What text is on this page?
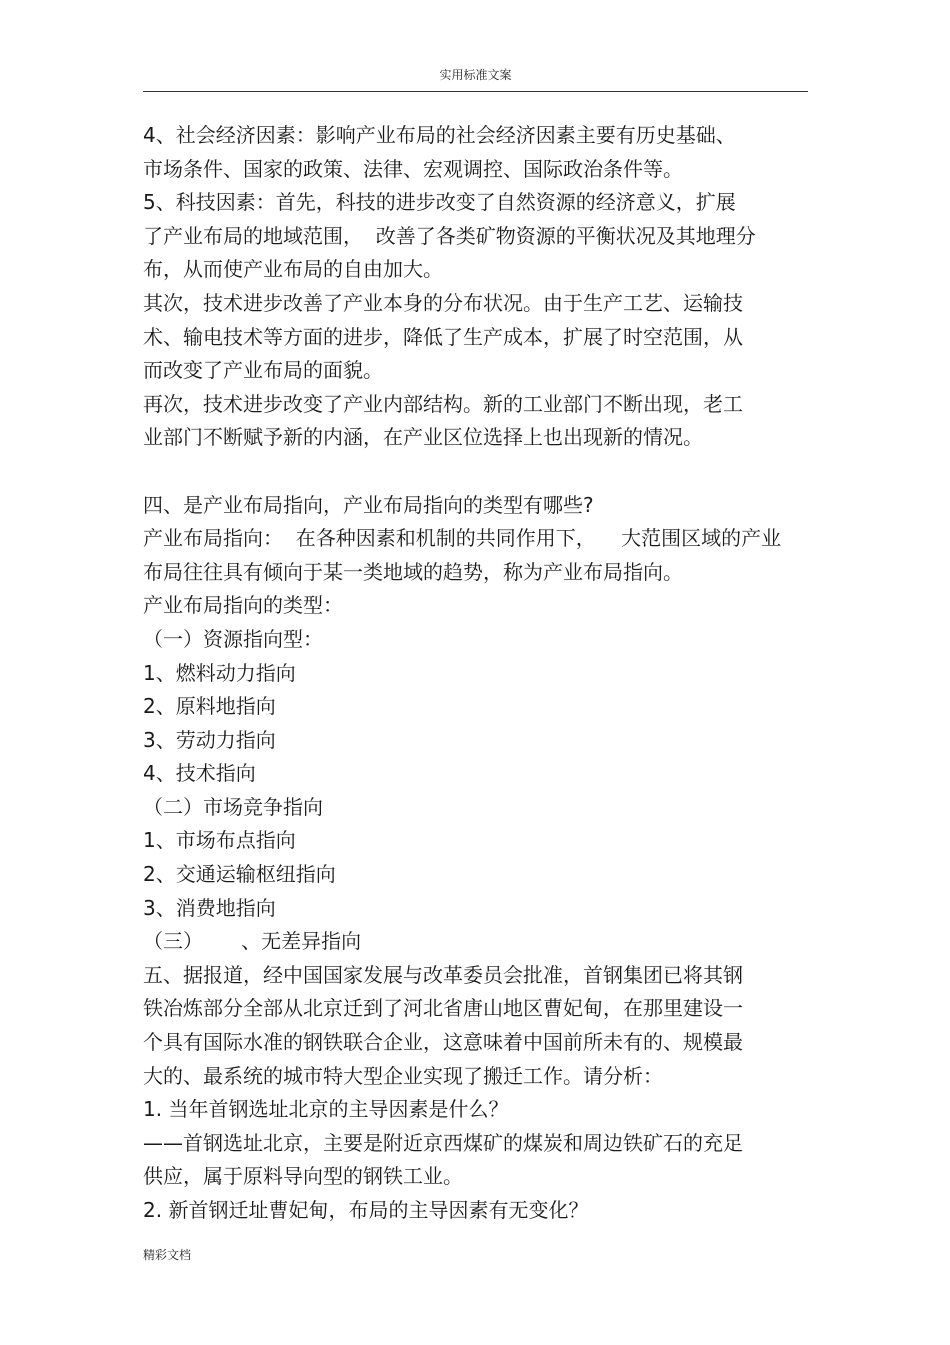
实用标准文案

4、社会经济因素：影响产业布局的社会经济因素主要有历史基础、

市场条件、国家的政策、法律、宏观调控、国际政治条件等。

5、科技因素：首先，科技的进步改变了自然资源的经济意义，扩展

了产业布局的地域范围，  改善了各类矿物资源的平衡状况及其地理分

布，从而使产业布局的自由加大。

其次，技术进步改善了产业本身的分布状况。由于生产工艺、运输技

术、输电技术等方面的进步，降低了生产成本，扩展了时空范围，从

而改变了产业布局的面貌。

再次，技术进步改变了产业内部结构。新的工业部门不断出现，老工

业部门不断赋予新的内涵，在产业区位选择上也出现新的情况。

四、是产业布局指向，产业布局指向的类型有哪些?

产业布局指向：  在各种因素和机制的共同作用下，    大范围区域的产业

布局往往具有倾向于某一类地域的趋势，称为产业布局指向。

产业布局指向的类型：

（一）资源指向型：

1、燃料动力指向

2、原料地指向

3、劳动力指向

4、技术指向

（二）市场竞争指向

1、市场布点指向

2、交通运输枢纽指向

3、消费地指向

（三）      、无差异指向

五、据报道，经中国国家发展与改革委员会批准，首钢集团已将其钢

铁冶炼部分全部从北京迁到了河北省唐山地区曹妃甸，在那里建设一

个具有国际水准的钢铁联合企业，这意味着中国前所未有的、规模最

大的、最系统的城市特大型企业实现了搬迁工作。请分析：

1. 当年首钢选址北京的主导因素是什么？

——首钢选址北京，主要是附近京西煤矿的煤炭和周边铁矿石的充足

供应，属于原料导向型的钢铁工业。

2. 新首钢迁址曹妃甸，布局的主导因素有无变化？

精彩文档
